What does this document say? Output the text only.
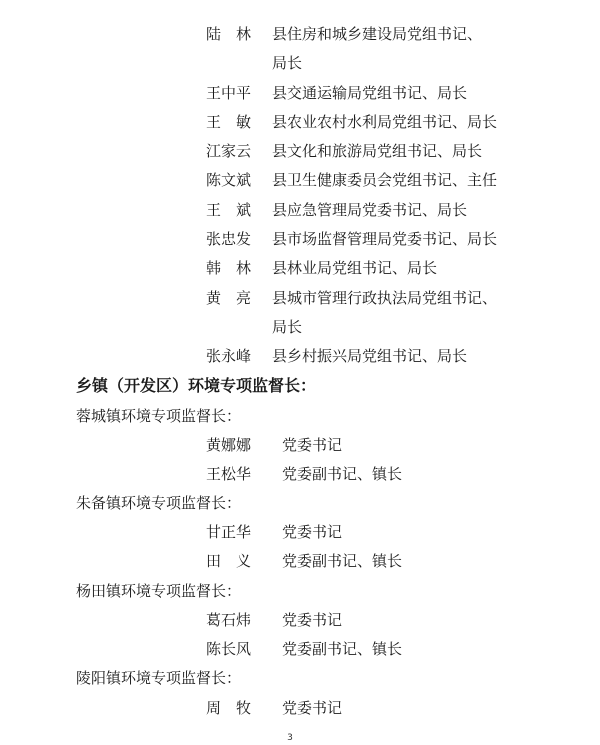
陆　林	县住房和城乡建设局党组书记、
局长
王中平	县交通运输局党组书记、局长
王　敏	县农业农村水利局党组书记、局长
江家云	县文化和旅游局党组书记、局长
陈文斌	县卫生健康委员会党组书记、主任
王　斌	县应急管理局党委书记、局长
张忠发	县市场监督管理局党委书记、局长
韩　林	县林业局党组书记、局长
黄　亮	县城市管理行政执法局党组书记、
局长
张永峰	县乡村振兴局党组书记、局长
乡镇（开发区）环境专项监督长：
蓉城镇环境专项监督长：
黄娜娜 党委书记
王松华 党委副书记、镇长
朱备镇环境专项监督长：
甘正华 党委书记
田　义 党委副书记、镇长
杨田镇环境专项监督长：
葛石炜 党委书记
陈长风 党委副书记、镇长
陵阳镇环境专项监督长：
周　牧 党委书记
3
